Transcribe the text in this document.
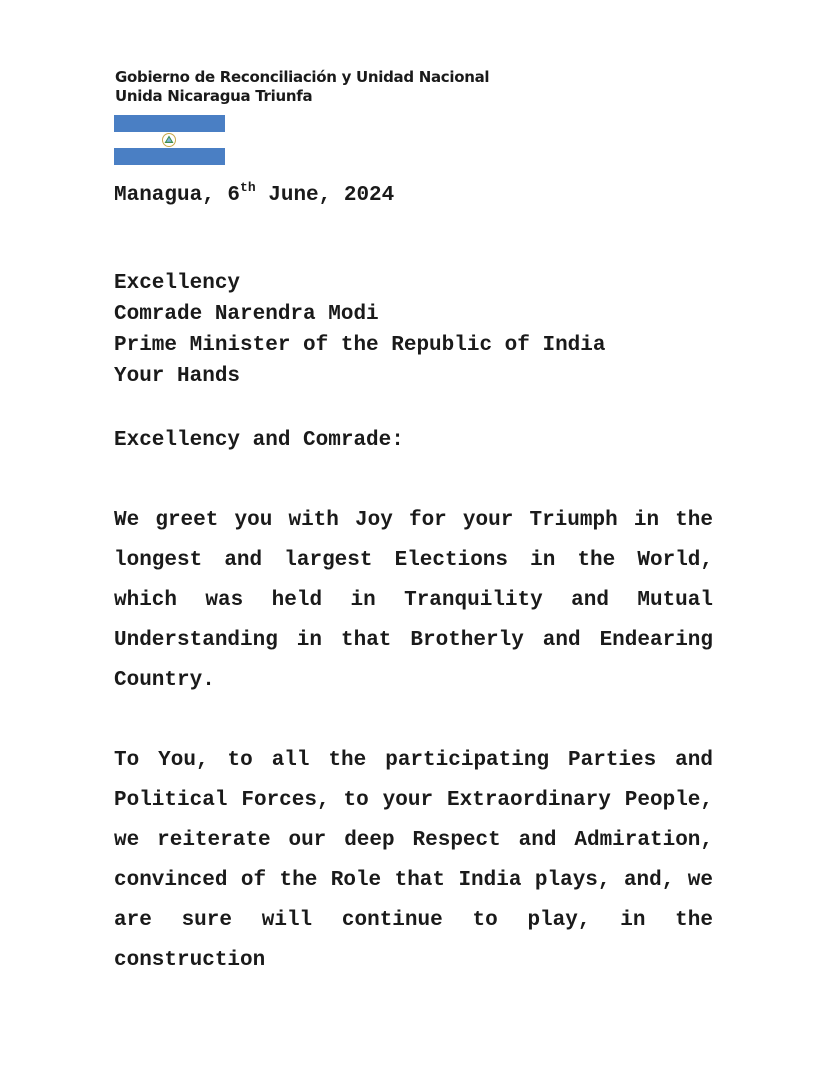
Gobierno de Reconciliación y Unidad Nacional
Unida Nicaragua Triunfa
Managua, 6th June, 2024
Excellency
Comrade Narendra Modi
Prime Minister of the Republic of India
Your Hands
Excellency and Comrade:
We greet you with Joy for your Triumph in the longest and largest Elections in the World, which was held in Tranquility and Mutual Understanding in that Brotherly and Endearing Country.
To You, to all the participating Parties and Political Forces, to your Extraordinary People, we reiterate our deep Respect and Admiration, convinced of the Role that India plays, and, we are sure will continue to play, in the construction
